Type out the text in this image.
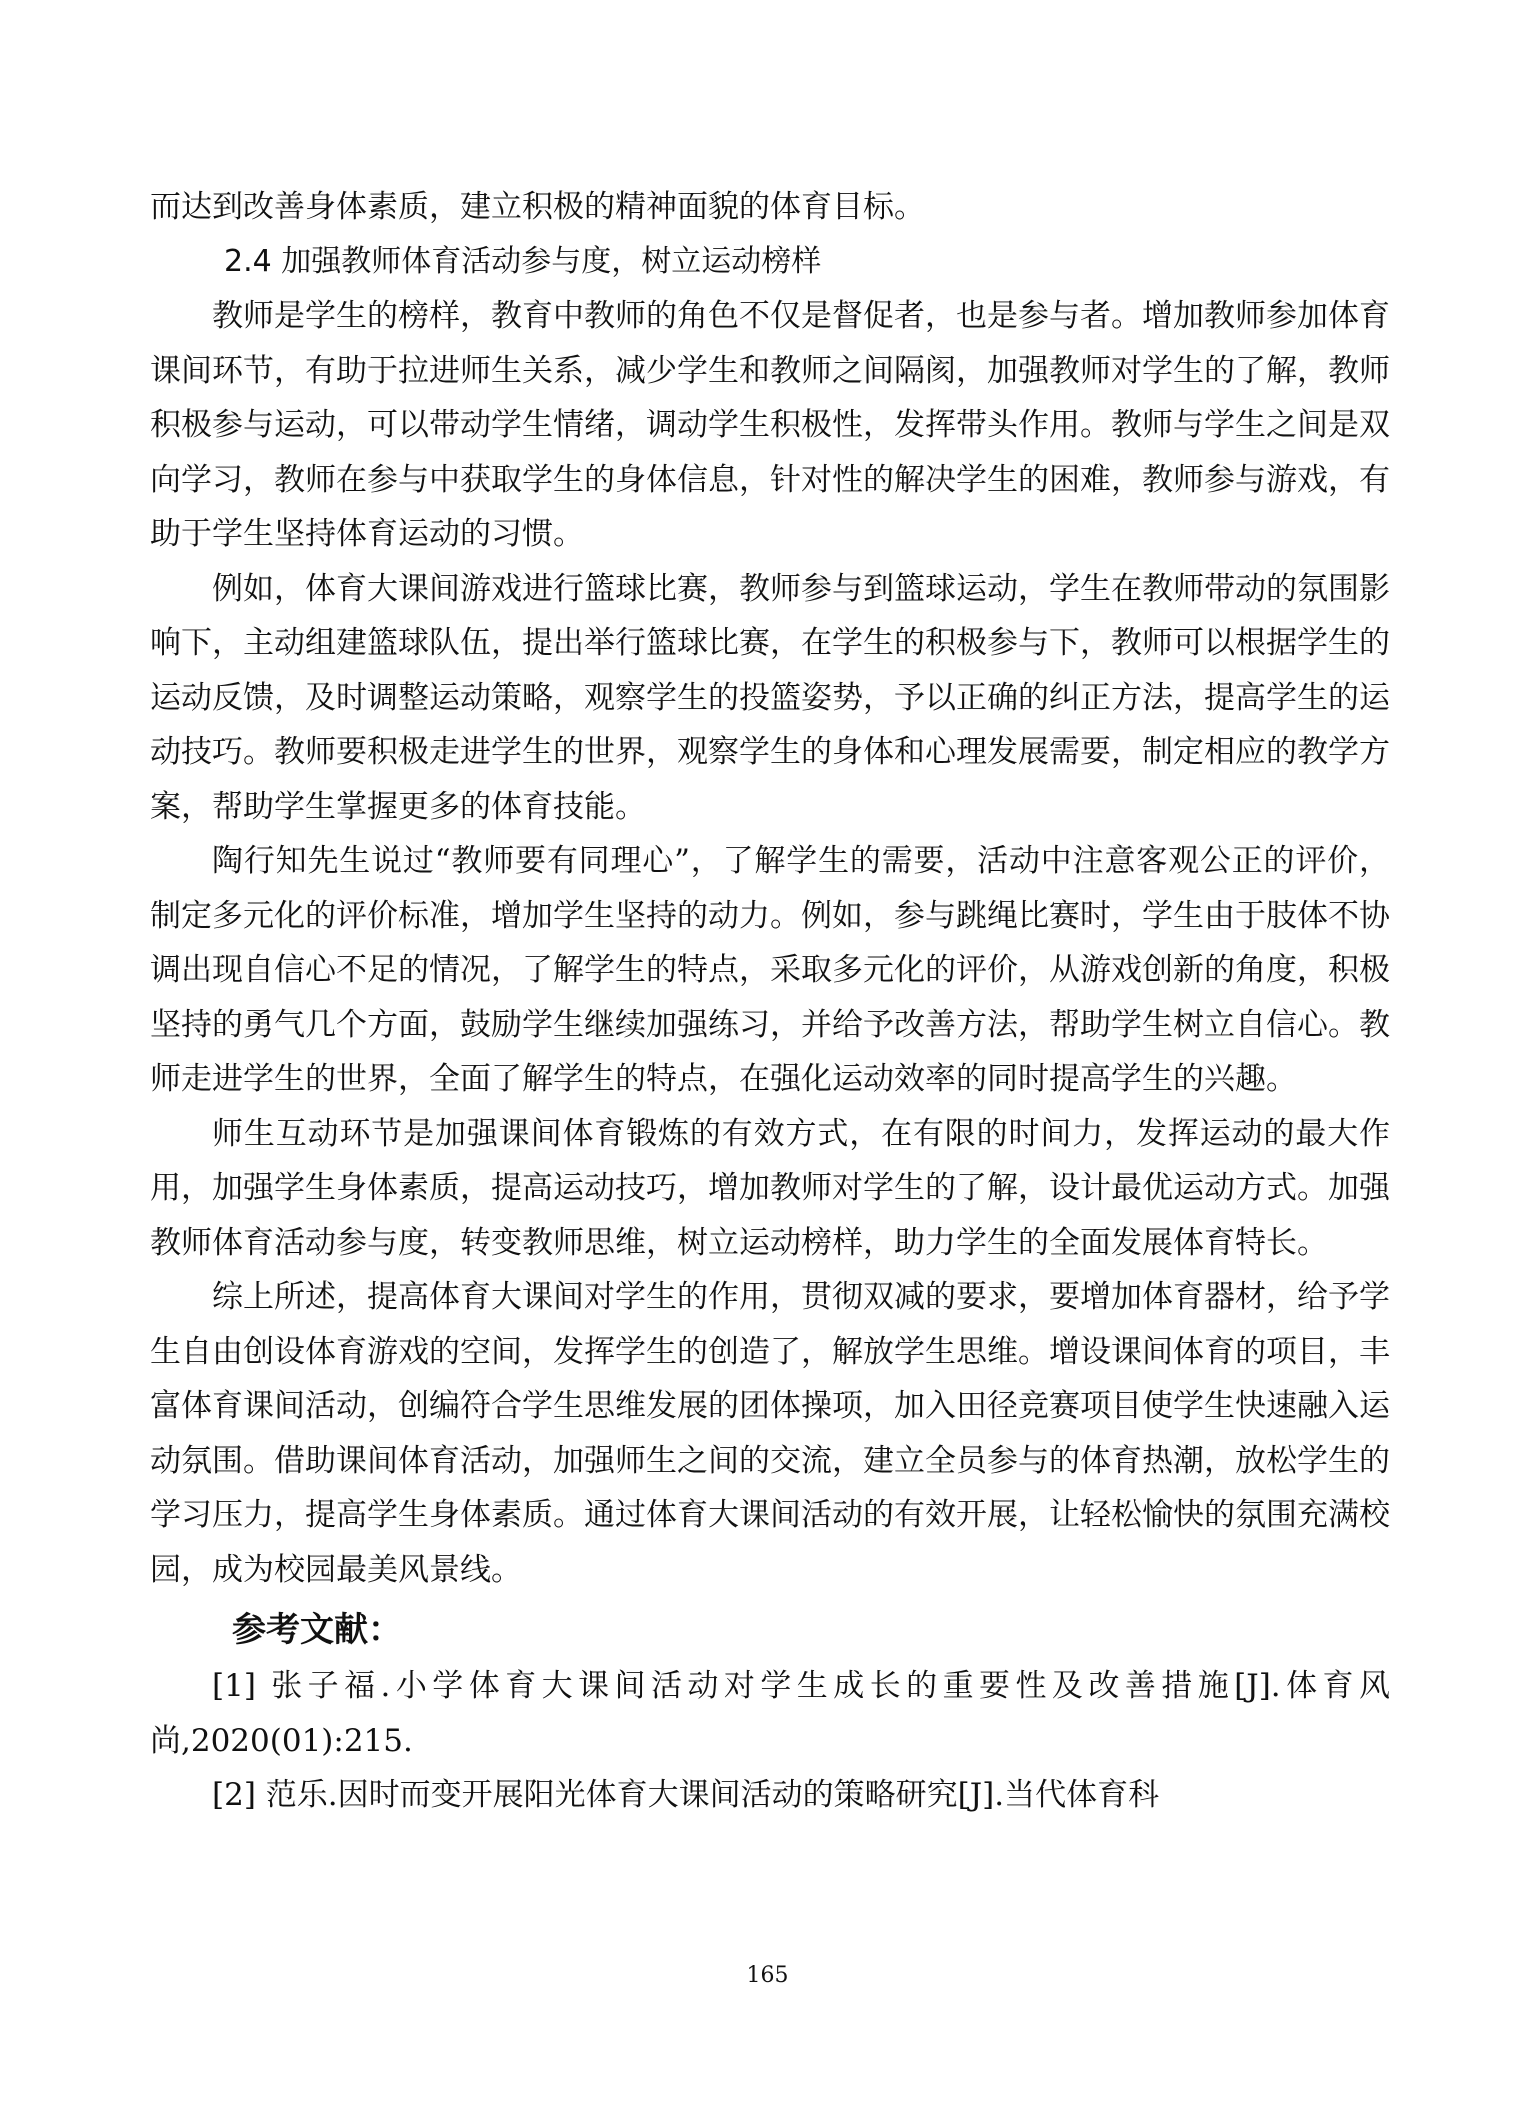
而达到改善身体素质，建立积极的精神面貌的体育目标。

2.4 加强教师体育活动参与度，树立运动榜样

教师是学生的榜样，教育中教师的角色不仅是督促者，也是参与者。增加教师参加体育课间环节，有助于拉进师生关系，减少学生和教师之间隔阂，加强教师对学生的了解，教师积极参与运动，可以带动学生情绪，调动学生积极性，发挥带头作用。教师与学生之间是双向学习，教师在参与中获取学生的身体信息，针对性的解决学生的困难，教师参与游戏，有助于学生坚持体育运动的习惯。

例如，体育大课间游戏进行篮球比赛，教师参与到篮球运动，学生在教师带动的氛围影响下，主动组建篮球队伍，提出举行篮球比赛，在学生的积极参与下，教师可以根据学生的运动反馈，及时调整运动策略，观察学生的投篮姿势，予以正确的纠正方法，提高学生的运动技巧。教师要积极走进学生的世界，观察学生的身体和心理发展需要，制定相应的教学方案，帮助学生掌握更多的体育技能。

陶行知先生说过“教师要有同理心”，了解学生的需要，活动中注意客观公正的评价，制定多元化的评价标准，增加学生坚持的动力。例如，参与跳绳比赛时，学生由于肢体不协调出现自信心不足的情况，了解学生的特点，采取多元化的评价，从游戏创新的角度，积极坚持的勇气几个方面，鼓励学生继续加强练习，并给予改善方法，帮助学生树立自信心。教师走进学生的世界，全面了解学生的特点，在强化运动效率的同时提高学生的兴趣。

师生互动环节是加强课间体育锻炼的有效方式，在有限的时间力，发挥运动的最大作用，加强学生身体素质，提高运动技巧，增加教师对学生的了解，设计最优运动方式。加强教师体育活动参与度，转变教师思维，树立运动榜样，助力学生的全面发展体育特长。

综上所述，提高体育大课间对学生的作用，贯彻双减的要求，要增加体育器材，给予学生自由创设体育游戏的空间，发挥学生的创造了，解放学生思维。增设课间体育的项目，丰富体育课间活动，创编符合学生思维发展的团体操项，加入田径竞赛项目使学生快速融入运动氛围。借助课间体育活动，加强师生之间的交流，建立全员参与的体育热潮，放松学生的学习压力，提高学生身体素质。通过体育大课间活动的有效开展，让轻松愉快的氛围充满校园，成为校园最美风景线。

参考文献：

[1] 张子福.小学体育大课间活动对学生成长的重要性及改善措施[J].体育风尚,2020(01):215.

[2] 范乐.因时而变开展阳光体育大课间活动的策略研究[J].当代体育科

165
